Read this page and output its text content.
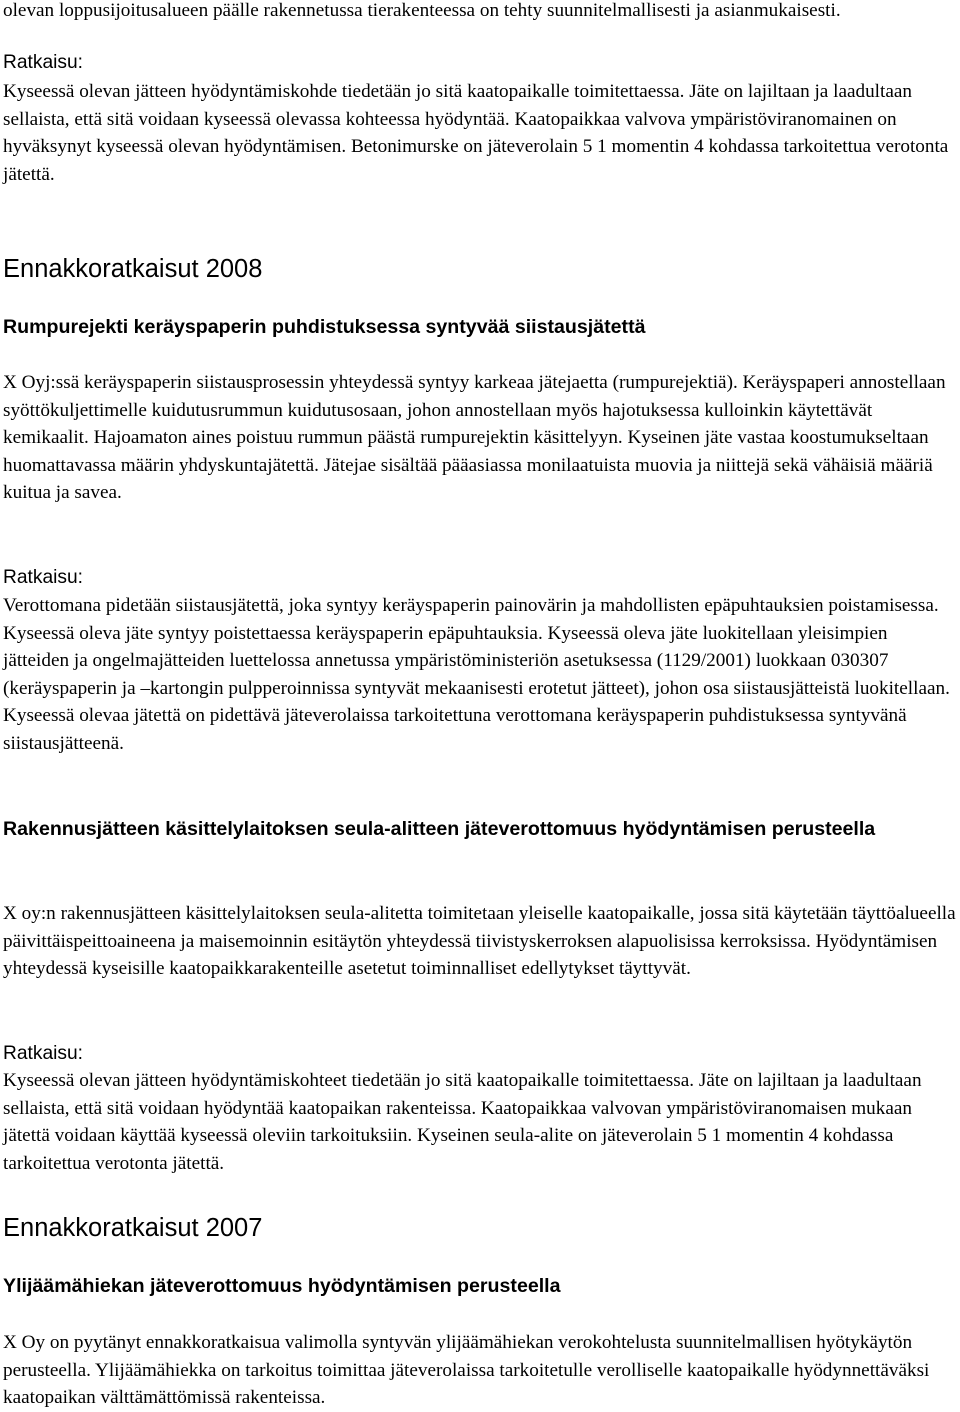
olevan loppusijoitusalueen päälle rakennetussa tierakenteessa on tehty suunnitelmallisesti ja asianmukaisesti.

Ratkaisu:

Kyseessä olevan jätteen hyödyntämiskohde tiedetään jo sitä kaatopaikalle toimitettaessa. Jäte on lajiltaan ja laadultaan sellaista, että sitä voidaan kyseessä olevassa kohteessa hyödyntää. Kaatopaikkaa valvova ympäristöviranomainen on hyväksynyt kyseessä olevan hyödyntämisen. Betonimurske on jäteverolain 5 1 momentin 4 kohdassa tarkoitettua verotonta jätettä.

Ennakkoratkaisut 2008
Rumpurejekti keräyspaperin puhdistuksessa syntyvää siistausjätettä

X Oyj:ssä keräyspaperin siistausprosessin yhteydessä syntyy karkeaa jätejaetta (rumpurejektiä). Keräyspaperi annostellaan syöttökuljettimelle kuidutusrummun kuidutusosaan, johon annostellaan myös hajotuksessa kulloinkin käytettävät kemikaalit. Hajoamaton aines poistuu rummun päästä rumpurejektin käsittelyyn. Kyseinen jäte vastaa koostumukseltaan huomattavassa määrin yhdyskuntajätettä. Jätejae sisältää pääasiassa monilaatuista muovia ja niittejä sekä vähäisiä määriä kuitua ja savea.

Ratkaisu:

Verottomana pidetään siistausjätettä, joka syntyy keräyspaperin painovärin ja mahdollisten epäpuhtauksien poistamisessa. Kyseessä oleva jäte syntyy poistettaessa keräyspaperin epäpuhtauksia. Kyseessä oleva jäte luokitellaan yleisimpien jätteiden ja ongelmajätteiden luettelossa annetussa ympäristöministeriön asetuksessa (1129/2001) luokkaan 030307 (keräyspaperin ja –kartongin pulpperoinnissa syntyvät mekaanisesti erotetut jätteet), johon osa siistausjätteistä luokitellaan. Kyseessä olevaa jätettä on pidettävä jäteverolaissa tarkoitettuna verottomana keräyspaperin puhdistuksessa syntyvänä siistausjätteenä.

Rakennusjätteen käsittelylaitoksen seula-alitteen jäteverottomuus hyödyntämisen perusteella

X oy:n rakennusjätteen käsittelylaitoksen seula-alitetta toimitetaan yleiselle kaatopaikalle, jossa sitä käytetään täyttöalueella päivittäispeittoaineena ja maisemoinnin esitäytön yhteydessä tiivistyskerroksen alapuolisissa kerroksissa. Hyödyntämisen yhteydessä kyseisille kaatopaikkarakenteille asetetut toiminnalliset edellytykset täyttyvät.

Ratkaisu:

Kyseessä olevan jätteen hyödyntämiskohteet tiedetään jo sitä kaatopaikalle toimitettaessa. Jäte on lajiltaan ja laadultaan sellaista, että sitä voidaan hyödyntää kaatopaikan rakenteissa. Kaatopaikkaa valvovan ympäristöviranomaisen mukaan jätettä voidaan käyttää kyseessä oleviin tarkoituksiin. Kyseinen seula-alite on jäteverolain 5 1 momentin 4 kohdassa tarkoitettua verotonta jätettä.

Ennakkoratkaisut 2007
Ylijäämähiekan jäteverottomuus hyödyntämisen perusteella

X Oy on pyytänyt ennakkoratkaisua valimolla syntyvän ylijäämähiekan verokohtelusta suunnitelmallisen hyötykäytön perusteella. Ylijäämähiekka on tarkoitus toimittaa jäteverolaissa tarkoitetulle verolliselle kaatopaikalle hyödynnettäväksi kaatopaikan välttämättömissä rakenteissa.
